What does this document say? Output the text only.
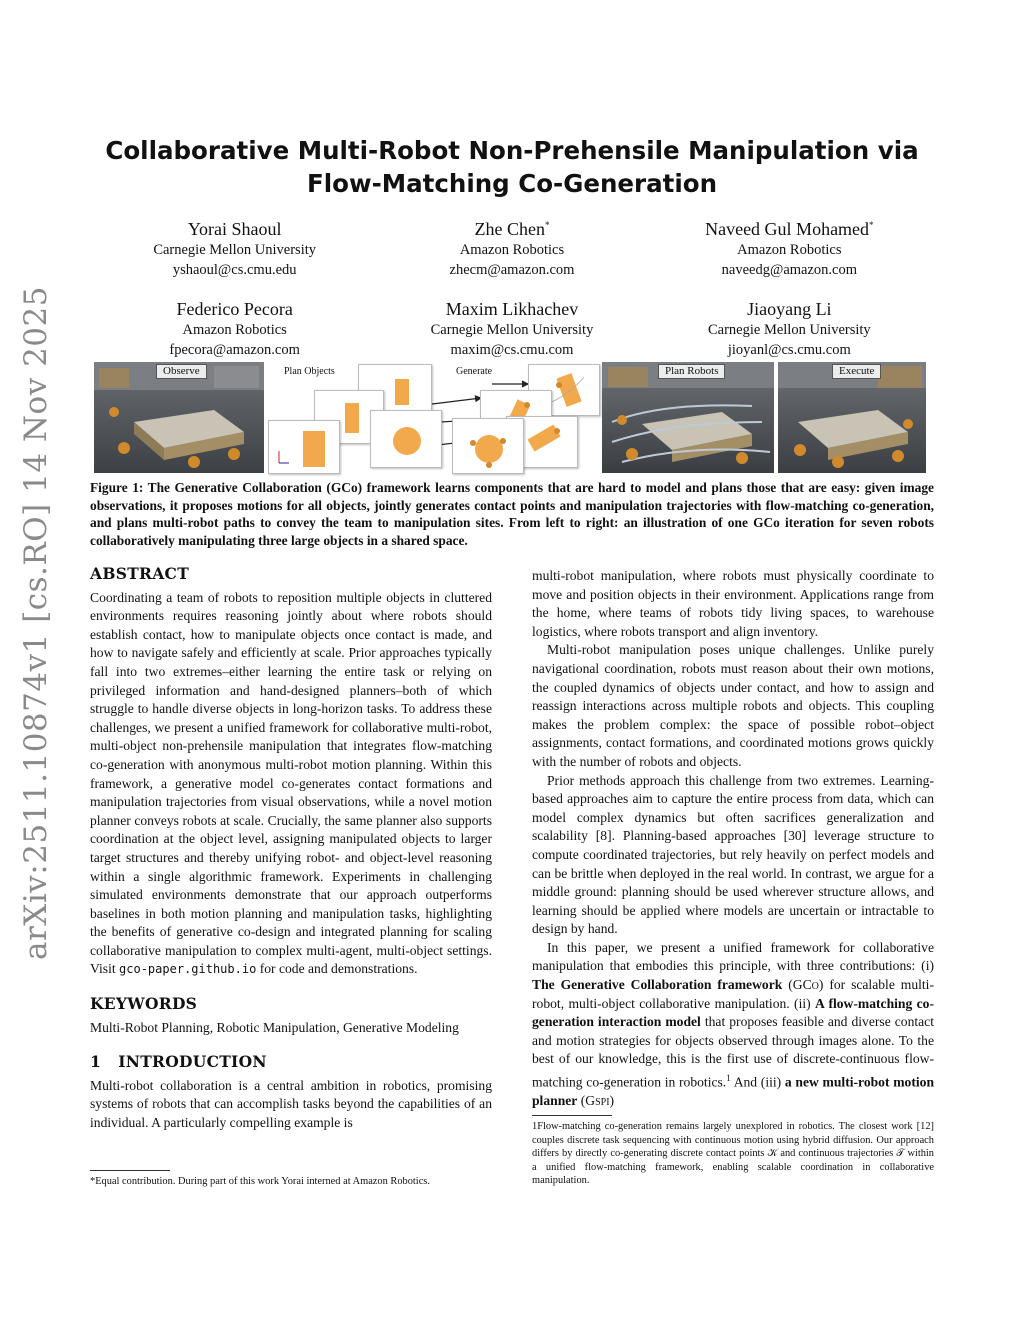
arXiv:2511.10874v1 [cs.RO] 14 Nov 2025
Collaborative Multi-Robot Non-Prehensile Manipulation via
Flow-Matching Co-Generation
Yorai Shaoul
Carnegie Mellon University
yshaoul@cs.cmu.edu
Zhe Chen*
Amazon Robotics
zhecm@amazon.com
Naveed Gul Mohamed*
Amazon Robotics
naveedg@amazon.com
Federico Pecora
Amazon Robotics
fpecora@amazon.com
Maxim Likhachev
Carnegie Mellon University
maxim@cs.cmu.com
Jiaoyang Li
Carnegie Mellon University
jioyanl@cs.cmu.com
Observe	Plan Objects	Generate	Plan Robots	Execute
Figure 1: The Generative Collaboration (GCo) framework learns components that are hard to model and plans those that are easy: given image observations, it proposes motions for all objects, jointly generates contact points and manipulation trajectories with flow-matching co-generation, and plans multi-robot paths to convey the team to manipulation sites. From left to right: an illustration of one GCo iteration for seven robots collaboratively manipulating three large objects in a shared space.
ABSTRACT

Coordinating a team of robots to reposition multiple objects in cluttered environments requires reasoning jointly about where robots should establish contact, how to manipulate objects once contact is made, and how to navigate safely and efficiently at scale. Prior approaches typically fall into two extremes–either learning the entire task or relying on privileged information and hand-designed planners–both of which struggle to handle diverse objects in long-horizon tasks. To address these challenges, we present a unified framework for collaborative multi-robot, multi-object non-prehensile manipulation that integrates flow-matching co-generation with anonymous multi-robot motion planning. Within this framework, a generative model co-generates contact formations and manipulation trajectories from visual observations, while a novel motion planner conveys robots at scale. Crucially, the same planner also supports coordination at the object level, assigning manipulated objects to larger target structures and thereby unifying robot- and object-level reasoning within a single algorithmic framework. Experiments in challenging simulated environments demonstrate that our approach outperforms baselines in both motion planning and manipulation tasks, highlighting the benefits of generative co-design and integrated planning for scaling collaborative manipulation to complex multi-agent, multi-object settings. Visit gco-paper.github.io for code and demonstrations.

KEYWORDS

Multi-Robot Planning, Robotic Manipulation, Generative Modeling

1 INTRODUCTION

Multi-robot collaboration is a central ambition in robotics, promising systems of robots that can accomplish tasks beyond the capabilities of an individual. A particularly compelling example is

*Equal contribution. During part of this work Yorai interned at Amazon Robotics.

multi-robot manipulation, where robots must physically coordinate to move and position objects in their environment. Applications range from the home, where teams of robots tidy living spaces, to warehouse logistics, where robots transport and align inventory.

Multi-robot manipulation poses unique challenges. Unlike purely navigational coordination, robots must reason about their own motions, the coupled dynamics of objects under contact, and how to assign and reassign interactions across multiple robots and objects. This coupling makes the problem complex: the space of possible robot–object assignments, contact formations, and coordinated motions grows quickly with the number of robots and objects.

Prior methods approach this challenge from two extremes. Learning-based approaches aim to capture the entire process from data, which can model complex dynamics but often sacrifices generalization and scalability [8]. Planning-based approaches [30] leverage structure to compute coordinated trajectories, but rely heavily on perfect models and can be brittle when deployed in the real world. In contrast, we argue for a middle ground: planning should be used wherever structure allows, and learning should be applied where models are uncertain or intractable to design by hand.

In this paper, we present a unified framework for collaborative manipulation that embodies this principle, with three contributions: (i) The Generative Collaboration framework (GCo) for scalable multi-robot, multi-object collaborative manipulation. (ii) A flow-matching co-generation interaction model that proposes feasible and diverse contact and motion strategies for objects observed through images alone. To the best of our knowledge, this is the first use of discrete-continuous flow-matching co-generation in robotics.$^1$ And (iii) a new multi-robot motion planner (Gspi)

1Flow-matching co-generation remains largely unexplored in robotics. The closest work [12] couples discrete task sequencing with continuous motion using hybrid diffusion. Our approach differs by directly co-generating discrete contact points 𝒦 and continuous trajectories 𝒯 within a unified flow-matching framework, enabling scalable coordination in collaborative manipulation.
